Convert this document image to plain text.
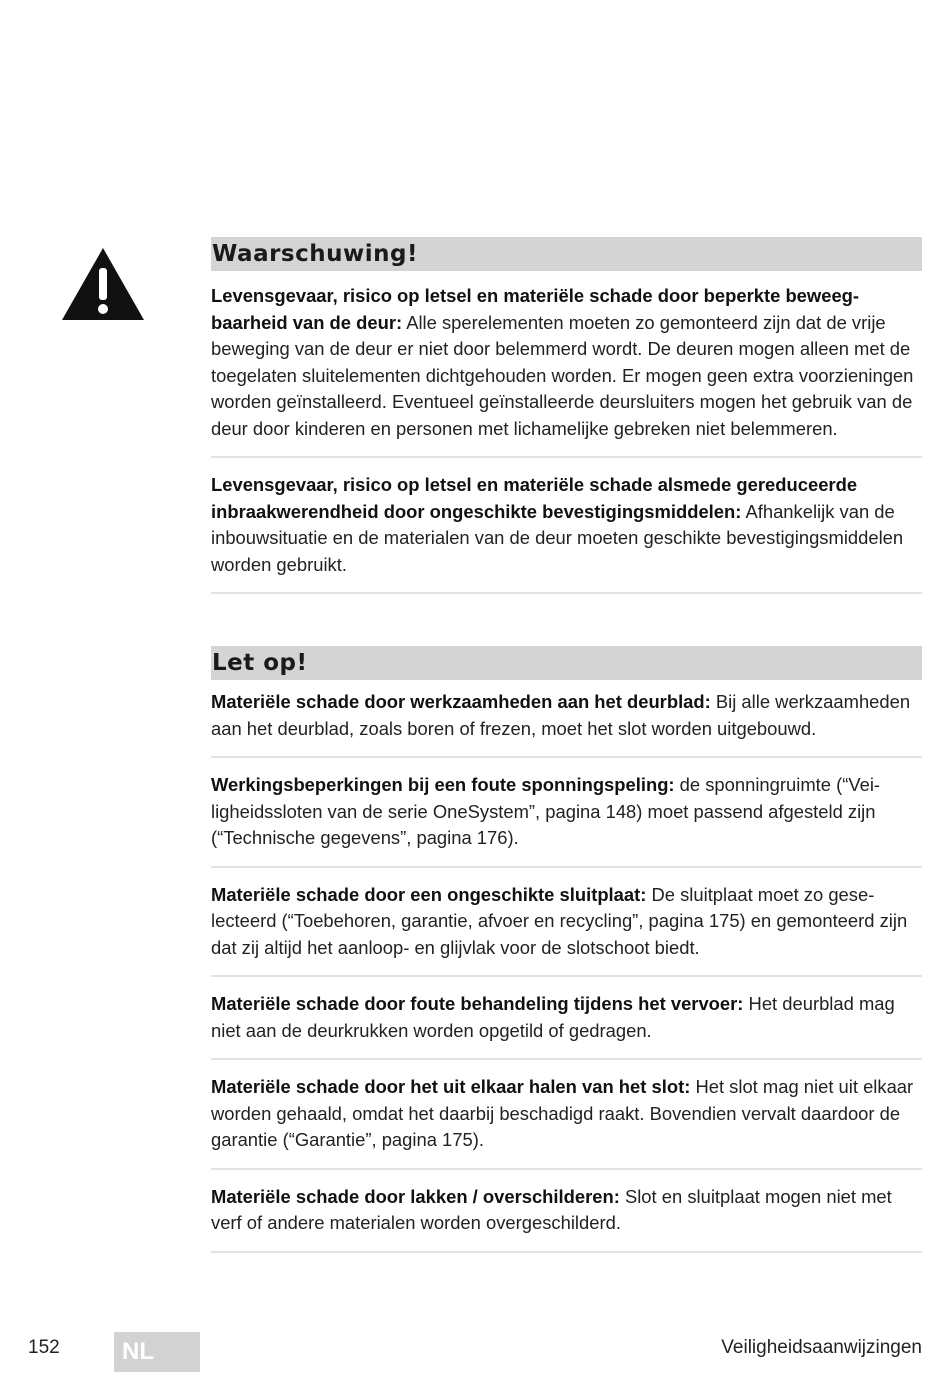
Waarschuwing!
Levensgevaar, risico op letsel en materiële schade door beperkte beweegbaarheid van de deur: Alle sperelementen moeten zo gemonteerd zijn dat de vrije beweging van de deur er niet door belemmerd wordt. De deuren mogen alleen met de toegelaten sluitelementen dichtgehouden worden. Er mogen geen extra voorzieningen worden geïnstalleerd. Eventueel geïnstalleerde deursluiters mogen het gebruik van de deur door kinderen en personen met lichamelijke gebreken niet belemmeren.
Levensgevaar, risico op letsel en materiële schade alsmede gereduceerde inbraakwerendheid door ongeschikte bevestigingsmiddelen: Afhankelijk van de inbouwsituatie en de materialen van de deur moeten geschikte bevestigingsmiddelen worden gebruikt.
Let op!
Materiële schade door werkzaamheden aan het deurblad: Bij alle werkzaamheden aan het deurblad, zoals boren of frezen, moet het slot worden uitgebouwd.
Werkingsbeperkingen bij een foute sponningspeling: de sponningruimte (“Veiligheidssloten van de serie OneSystem”, pagina 148) moet passend afgesteld zijn (“Technische gegevens”, pagina 176).
Materiële schade door een ongeschikte sluitplaat: De sluitplaat moet zo geselecteerd (“Toebehoren, garantie, afvoer en recycling”, pagina 175) en gemonteerd zijn dat zij altijd het aanloop- en glijvlak voor de slotschoot biedt.
Materiële schade door foute behandeling tijdens het vervoer: Het deurblad mag niet aan de deurkrukken worden opgetild of gedragen.
Materiële schade door het uit elkaar halen van het slot: Het slot mag niet uit elkaar worden gehaald, omdat het daarbij beschadigd raakt. Bovendien vervalt daardoor de garantie (“Garantie”, pagina 175).
Materiële schade door lakken / overschilderen: Slot en sluitplaat mogen niet met verf of andere materialen worden overgeschilderd.
152	NL	Veiligheidsaanwijzingen
